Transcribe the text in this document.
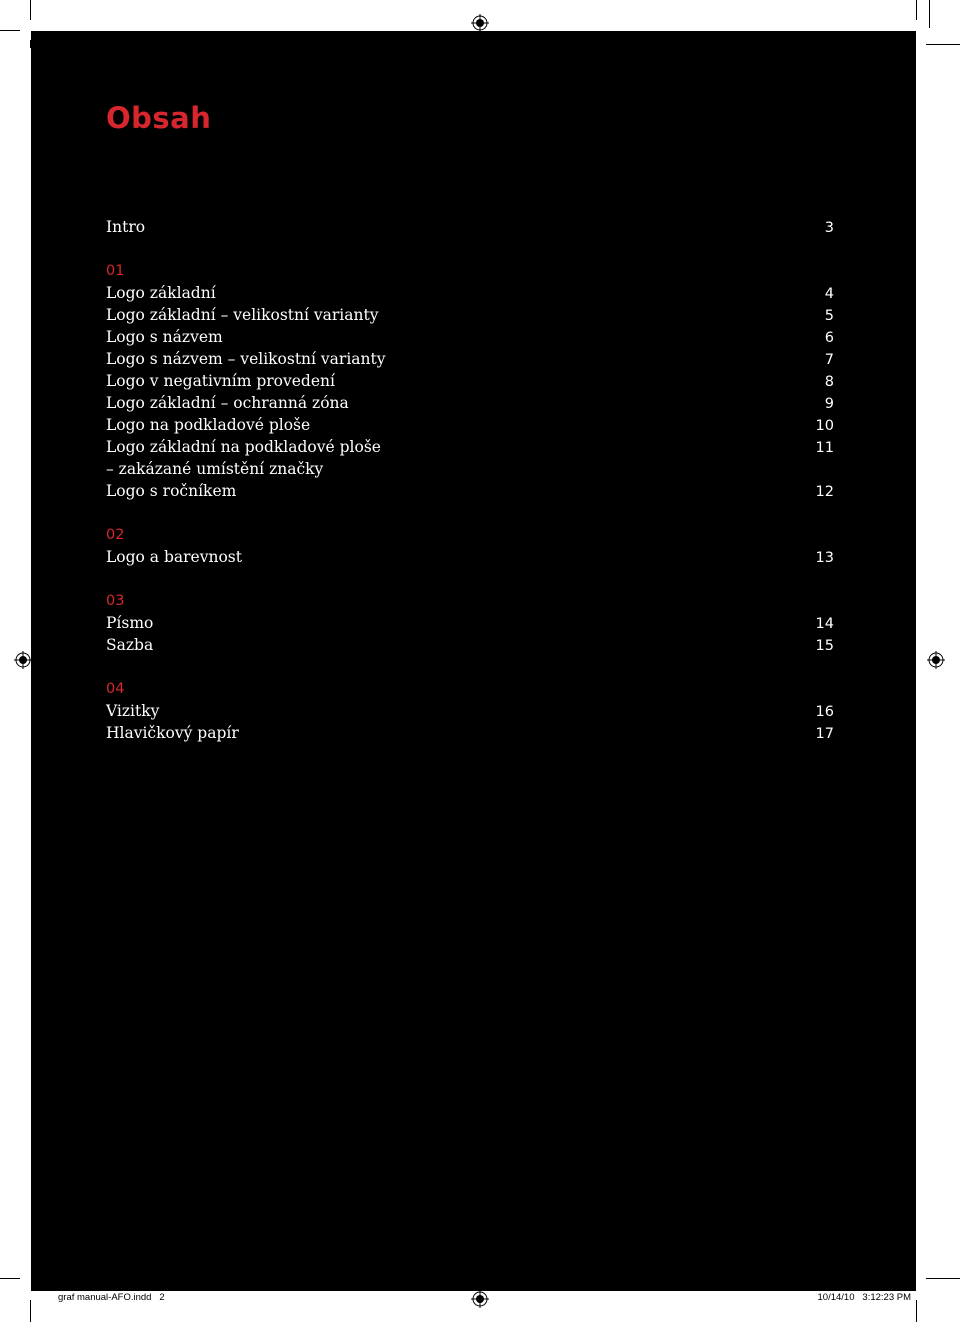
Obsah
Intro	3
01
Logo základní	4
Logo základní – velikostní varianty	5
Logo s názvem	6
Logo s názvem – velikostní varianty	7
Logo v negativním provedení	8
Logo základní – ochranná zóna	9
Logo na podkladové ploše	10
Logo základní na podkladové ploše	11
– zakázané umístění značky
Logo s ročníkem	12
02
Logo a barevnost	13
03
Písmo	14
Sazba	15
04
Vizitky	16
Hlavičkový papír	17
graf manual-AFO.indd   2	10/14/10   3:12:23 PM
